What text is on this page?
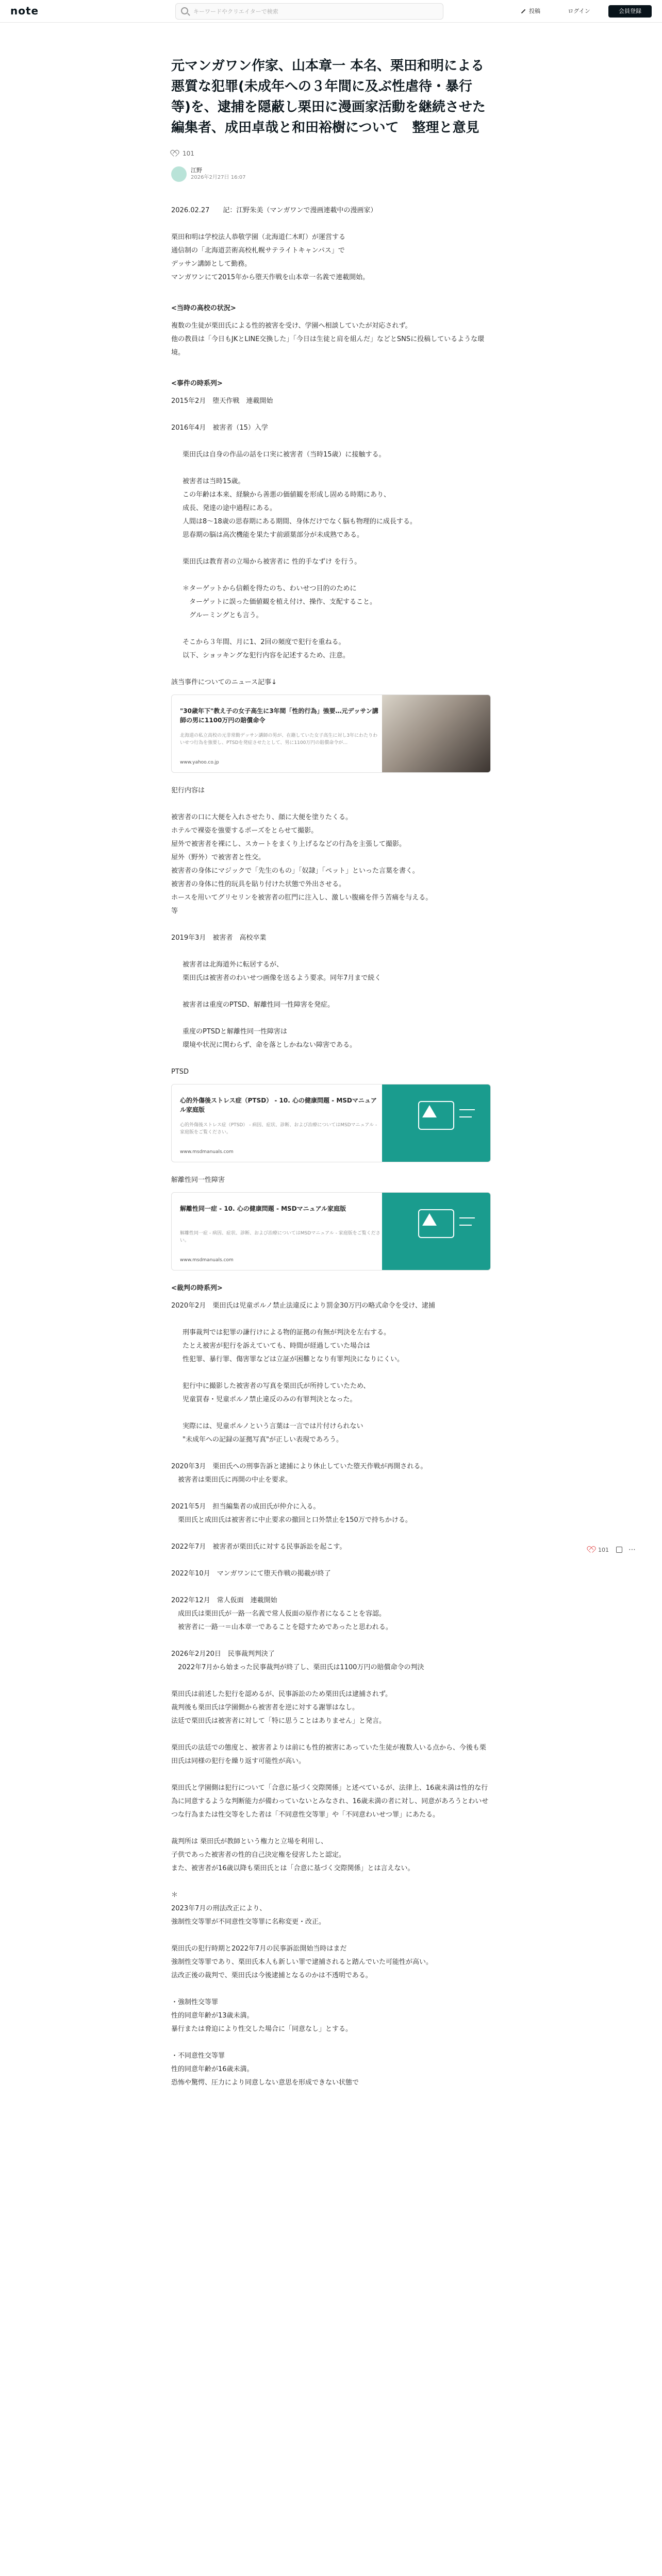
note
キーワードやクリエイターで検索	投稿	ログイン	会員登録
元マンガワン作家、山本章一 本名、栗田和明による悪質な犯罪(未成年への３年間に及ぶ性虐待・暴行等)を、逮捕を隠蔽し栗田に漫画家活動を継続させた編集者、成田卓哉と和田裕樹について　整理と意見
101
江野
2026年2月27日 16:07

2026.02.27　　記：江野朱美（マンガワンで漫画連載中の漫画家）

栗田和明は学校法人恭敬学園（北海道仁木町）が運営する

通信制の「北海道芸術高校札幌サテライトキャンパス」で

デッサン講師として勤務。

マンガワンにて2015年から堕天作戦を山本章一名義で連載開始。

<当時の高校の状況>

複数の生徒が栗田氏による性的被害を受け、学園へ相談していたが対応されず。

他の教員は「今日もJKとLINE交換した」「今日は生徒と肩を組んだ」などとSNSに投稿しているような環境。

<事件の時系列>

2015年2月　堕天作戦　連載開始

2016年4月　被害者（15）入学

栗田氏は自身の作品の話を口実に被害者（当時15歳）に接触する。

被害者は当時15歳。

この年齢は本来、経験から善悪の価値観を形成し固める時期にあり、

成長、発達の途中過程にある。

人間は8〜18歳の思春期にある期間、身体だけでなく脳も物理的に成長する。

思春期の脳は高次機能を果たす前頭葉部分が未成熟である。

栗田氏は教育者の立場から被害者に 性的手なずけ を行う。

＊ターゲットから信頼を得たのち、わいせつ目的のために

　ターゲットに誤った価値観を植え付け、操作、支配すること。

　グルーミングとも言う。

そこから３年間、月に1、2回の頻度で犯行を重ねる。

以下、ショッキングな犯行内容を記述するため、注意。

該当事件についてのニュース記事↓

"30歳年下"教え子の女子高生に3年間「性的行為」強要…元デッサン講師の男に1100万円の賠償命令
北海道の私立高校の元非常勤デッサン講師の男が、在籍していた女子高生に対し3年にわたりわいせつ行為を強要し、PTSDを発症させたとして、男に1100万円の賠償命令が…
www.yahoo.co.jp

犯行内容は

被害者の口に大便を入れさせたり、顔に大便を塗りたくる。

ホテルで裸姿を強要するポーズをとらせて撮影。

屋外で被害者を裸にし、スカートをまくり上げるなどの行為を主張して撮影。

屋外（野外）で被害者と性交。

被害者の身体にマジックで「先生のもの」「奴隷」「ペット」といった言葉を書く。

被害者の身体に性的玩具を貼り付けた状態で外出させる。

ホースを用いてグリセリンを被害者の肛門に注入し、激しい腹痛を伴う苦痛を与える。

等

2019年3月　被害者　高校卒業

被害者は北海道外に転居するが、

栗田氏は被害者のわいせつ画像を送るよう要求。同年7月まで続く

被害者は重度のPTSD、解離性同一性障害を発症。

重度のPTSDと解離性同一性障害は

環境や状況に関わらず、命を落としかねない障害である。

PTSD

心的外傷後ストレス症（PTSD） - 10. 心の健康問題 - MSDマニュアル家庭版
心的外傷後ストレス症（PTSD） - 病因、症状、診断、および治療についてはMSDマニュアル - 家庭版をご覧ください。
www.msdmanuals.com

解離性同一性障害

解離性同一症 - 10. 心の健康問題 - MSDマニュアル家庭版
解離性同一症 - 病因、症状、診断、および治療についてはMSDマニュアル - 家庭版をご覧ください。
www.msdmanuals.com

<裁判の時系列>

2020年2月　栗田氏は児童ポルノ禁止法違反により罰金30万円の略式命令を受け、逮捕

刑事裁判では犯罪の謙行けによる物的証拠の有無が判決を左右する。

たとえ被害が犯行を訴えていても、時間が経過していた場合は

性犯罪、暴行罪、傷害罪などは立証が困難となり有罪判決になりにくい。

犯行中に撮影した被害者の写真を栗田氏が所持していたため、

児童買春・児童ポルノ禁止違反のみの有罪判決となった。

実際には、児童ポルノという言葉は一言では片付けられない

"未成年への記録の証拠写真"が正しい表現であろう。

2020年3月　栗田氏への刑事告訴と逮捕により休止していた堕天作戦が再開される。

　被害者は栗田氏に再開の中止を要求。

2021年5月　担当編集者の成田氏が仲介に入る。

　栗田氏と成田氏は被害者に中止要求の撤回と口外禁止を150万で持ちかける。

2022年7月　被害者が栗田氏に対する民事訴訟を起こす。

2022年10月　マンガワンにて堕天作戦の掲載が終了

2022年12月　常人仮面　連載開始

　成田氏は栗田氏が一路一名義で常人仮面の原作者になることを容認。

　被害者に一路一＝山本章一であることを隠すためであったと思われる。

2026年2月20日　民事裁判判決了

　2022年7月から始まった民事裁判が終了し、栗田氏は1100万円の賠償命令の判決

栗田氏は前述した犯行を認めるが、民事訴訟のため栗田氏は逮捕されず。

裁判後も栗田氏は学園側から被害者を逆に対する謝罪はなし。

法廷で栗田氏は被害者に対して「特に思うことはありません」と発言。

栗田氏の法廷での態度と、被害者よりは前にも性的被害にあっていた生徒が複数人いる点から、今後も栗田氏は同様の犯行を繰り返す可能性が高い。

栗田氏と学園側は犯行について「合意に基づく交際関係」と述べているが、法律上、16歳未満は性的な行為に同意するような判断能力が備わっていないとみなされ、16歳未満の者に対し、同意があろうとわいせつな行為または性交等をした者は「不同意性交等罪」や「不同意わいせつ罪」にあたる。

裁判所は 栗田氏が教師という権力と立場を利用し、

子供であった被害者の性的自己決定権を侵害したと認定。

また、被害者が16歳以降も栗田氏とは「合意に基づく交際関係」とは言えない。

＊

2023年7月の刑法改正により、

強制性交等罪が不同意性交等罪に名称変更・改正。

栗田氏の犯行時期と2022年7月の民事訴訟開始当時はまだ

強制性交等罪であり、栗田氏本人も新しい罪で逮捕されると踏んでいた可能性が高い。

法改正後の裁判で、栗田氏は今後逮捕となるのかは不透明である。

・強制性交等罪

性的同意年齢が13歳未満。

暴行または脅迫により性交した場合に「同意なし」とする。

・不同意性交等罪

性的同意年齢が16歳未満。

恐怖や驚愕、圧力により同意しない意思を形成できない状態で

101	⋯
